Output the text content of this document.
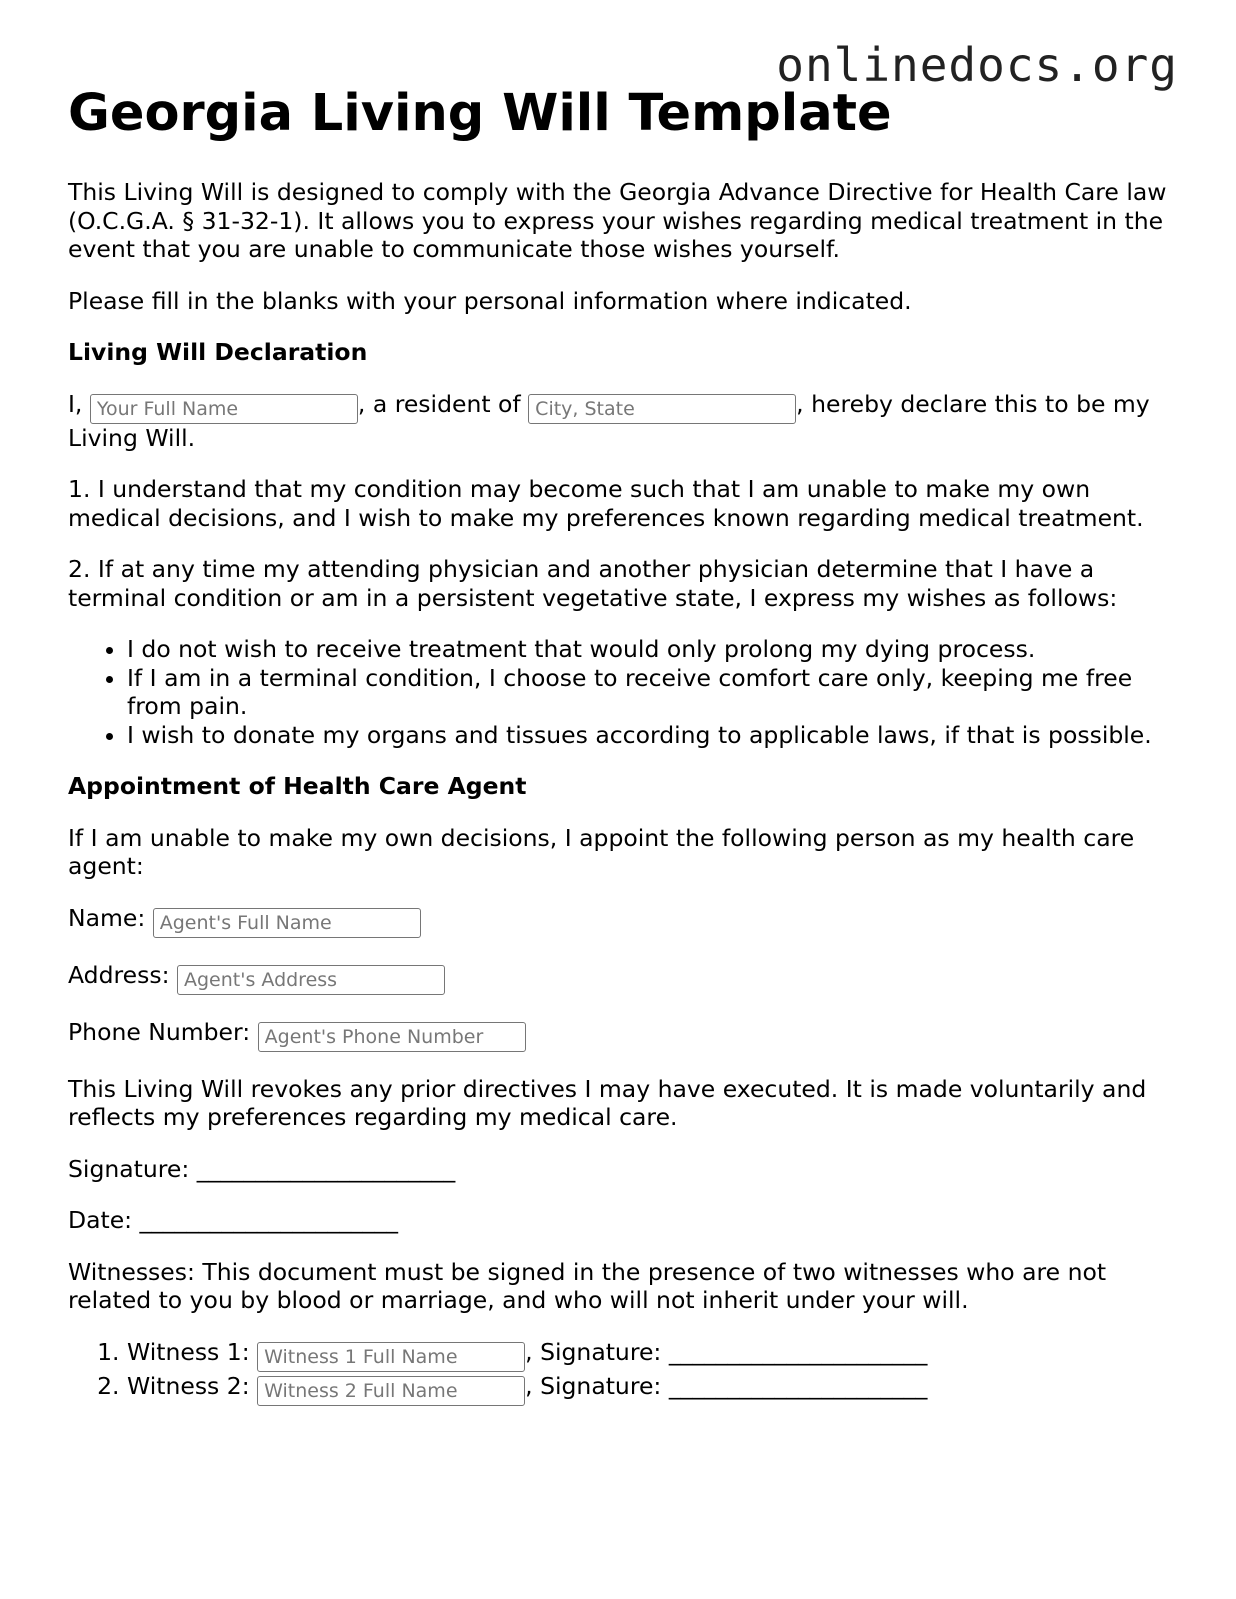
onlinedocs.org
Georgia Living Will Template

This Living Will is designed to comply with the Georgia Advance Directive for Health Care law (O.C.G.A. § 31-32-1). It allows you to express your wishes regarding medical treatment in the event that you are unable to communicate those wishes yourself.

Please fill in the blanks with your personal information where indicated.

Living Will Declaration

I, Your Full Name	, a resident of City, State	, hereby declare this to be my Living Will.

1. I understand that my condition may become such that I am unable to make my own medical decisions, and I wish to make my preferences known regarding medical treatment.

2. If at any time my attending physician and another physician determine that I have a terminal condition or am in a persistent vegetative state, I express my wishes as follows:

• I do not wish to receive treatment that would only prolong my dying process.
• If I am in a terminal condition, I choose to receive comfort care only, keeping me free from pain.
• I wish to donate my organs and tissues according to applicable laws, if that is possible.
Appointment of Health Care Agent

If I am unable to make my own decisions, I appoint the following person as my health care agent:

Name: Agent's Full Name

Address: Agent's Address

Phone Number: Agent's Phone Number

This Living Will revokes any prior directives I may have executed. It is made voluntarily and reflects my preferences regarding my medical care.

Signature: ______________________

Date: ______________________

Witnesses: This document must be signed in the presence of two witnesses who are not related to you by blood or marriage, and who will not inherit under your will.

1. Witness 1: Witness 1 Full Name	, Signature: ______________________
2. Witness 2: Witness 2 Full Name	, Signature: ______________________
